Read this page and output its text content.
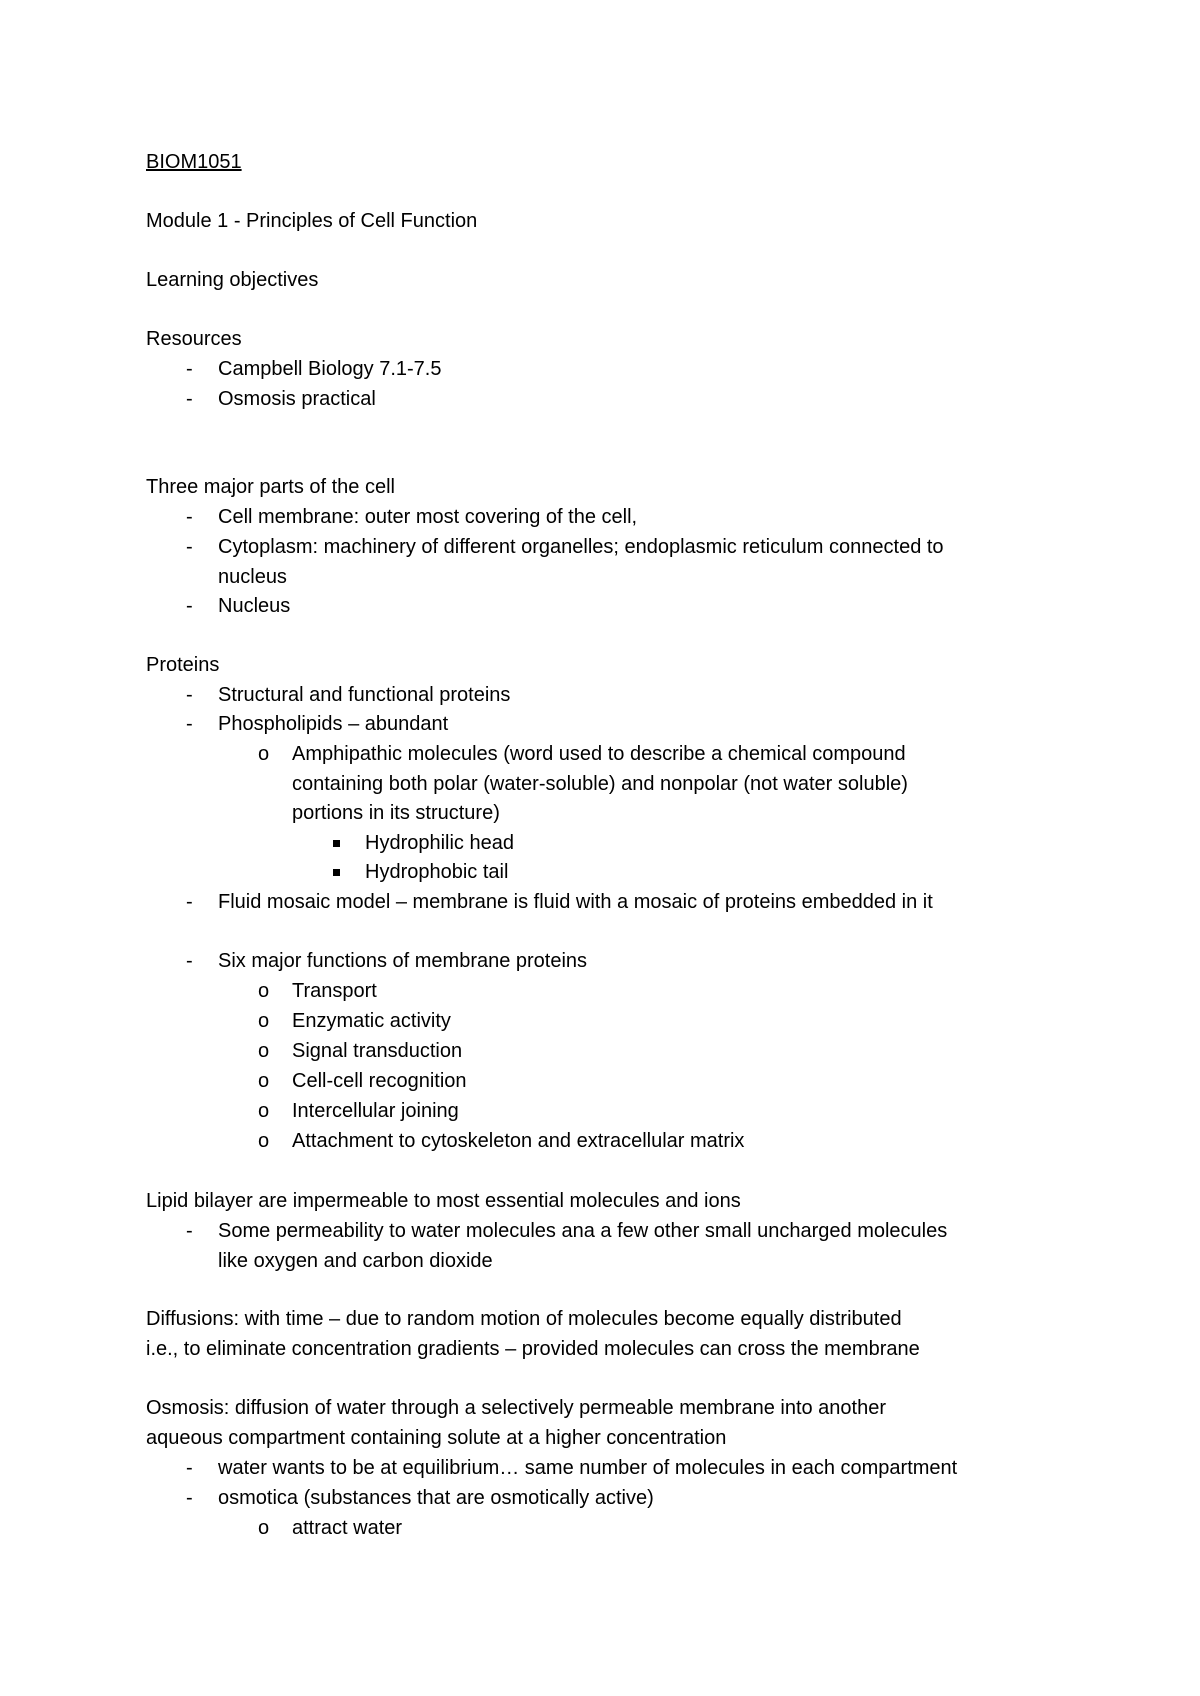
BIOM1051
Module 1 - Principles of Cell Function
Learning objectives
Resources
- Campbell Biology 7.1-7.5
- Osmosis practical
Three major parts of the cell
- Cell membrane: outer most covering of the cell,
- Cytoplasm: machinery of different organelles; endoplasmic reticulum connected to
nucleus
- Nucleus
Proteins
- Structural and functional proteins
- Phospholipids – abundant
o Amphipathic molecules (word used to describe a chemical compound
containing both polar (water-soluble) and nonpolar (not water soluble)
portions in its structure)
Hydrophilic head
Hydrophobic tail
- Fluid mosaic model – membrane is fluid with a mosaic of proteins embedded in it
- Six major functions of membrane proteins
o Transport
o Enzymatic activity
o Signal transduction
o Cell-cell recognition
o Intercellular joining
o Attachment to cytoskeleton and extracellular matrix
Lipid bilayer are impermeable to most essential molecules and ions
- Some permeability to water molecules ana a few other small uncharged molecules
like oxygen and carbon dioxide
Diffusions: with time – due to random motion of molecules become equally distributed
i.e., to eliminate concentration gradients – provided molecules can cross the membrane
Osmosis: diffusion of water through a selectively permeable membrane into another
aqueous compartment containing solute at a higher concentration
- water wants to be at equilibrium… same number of molecules in each compartment
- osmotica (substances that are osmotically active)
o attract water
